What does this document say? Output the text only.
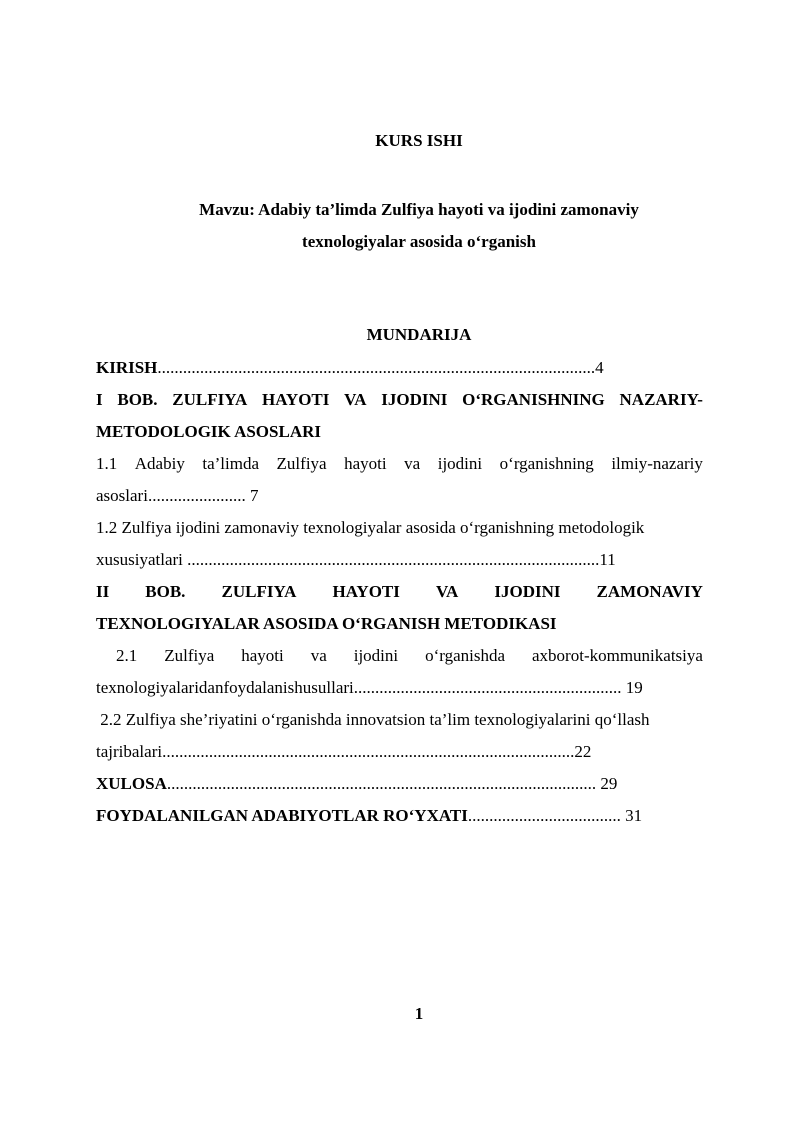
KURS ISHI
Mavzu: Adabiy ta’limda Zulfiya hayoti va ijodini zamonaviy
texnologiyalar asosida o‘rganish
MUNDARIJA
KIRISH.......................................................................................................4
I BOB. ZULFIYA HAYOTI VA IJODINI O‘RGANISHNING NAZARIY-
METODOLOGIK ASOSLARI
1.1 Adabiy ta’limda Zulfiya hayoti va ijodini o‘rganishning ilmiy-nazariy
asoslari....................... 7
1.2 Zulfiya ijodini zamonaviy texnologiyalar asosida o‘rganishning metodologik
xususiyatlari .................................................................................................11
II BOB. ZULFIYA HAYOTI VA IJODINI ZAMONAVIY
TEXNOLOGIYALAR ASOSIDA O‘RGANISH METODIKASI
2.1 Zulfiya hayoti va ijodini o‘rganishda axborot-kommunikatsiya
texnologiyalaridanfoydalanishusullari............................................................... 19
2.2 Zulfiya she’riyatini o‘rganishda innovatsion ta’lim texnologiyalarini qo‘llash
tajribalari.................................................................................................22
XULOSA..................................................................................................... 29
FOYDALANILGAN ADABIYOTLAR RO‘YXATI.................................... 31
1
